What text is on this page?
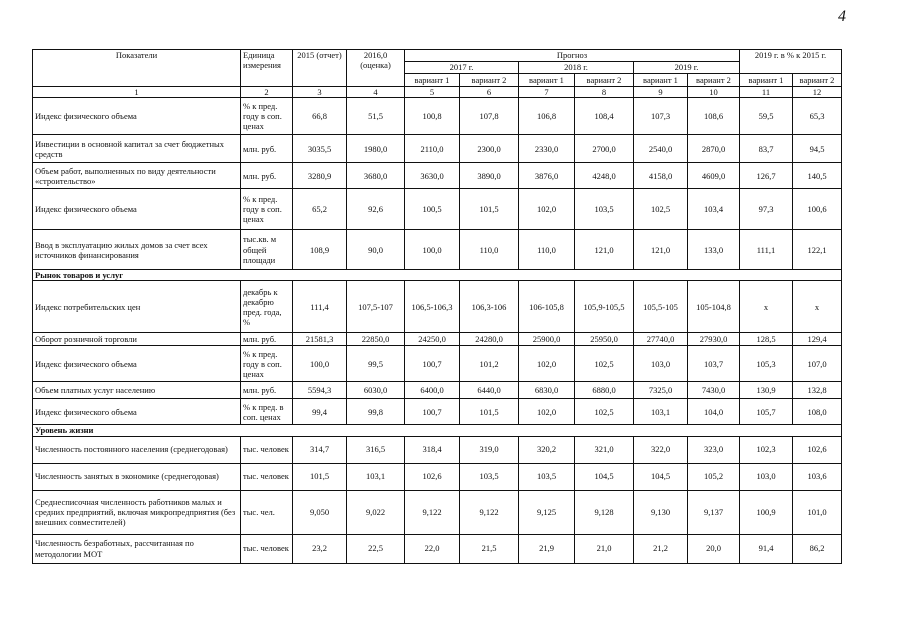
4
Показатели	Единица измерения	2015 (отчет)	2016,0 (оценка)	Прогноз						2019 г. в % к 2015 г.	
				2017 г.		2018 г.		2019 г.			
				вариант 1	вариант 2	вариант 1	вариант 2	вариант 1	вариант 2	вариант 1	вариант 2
1	2	3	4	5	6	7	8	9	10	11	12
Индекс физического объема	% к пред. году в соп. ценах	66,8	51,5	100,8	107,8	106,8	108,4	107,3	108,6	59,5	65,3
Инвестиции в основной капитал за счет бюджетных средств	млн. руб.	3035,5	1980,0	2110,0	2300,0	2330,0	2700,0	2540,0	2870,0	83,7	94,5
Объем работ, выполненных по виду деятельности «строительство»	млн. руб.	3280,9	3680,0	3630,0	3890,0	3876,0	4248,0	4158,0	4609,0	126,7	140,5
Индекс физического объема	% к пред. году в соп. ценах	65,2	92,6	100,5	101,5	102,0	103,5	102,5	103,4	97,3	100,6
Ввод в эксплуатацию жилых домов за счет всех источников финансирования	тыс.кв. м общей площади	108,9	90,0	100,0	110,0	110,0	121,0	121,0	133,0	111,1	122,1
Рынок товаров и услуг											
Индекс потребительских цен	декабрь к декабрю пред. года, %	111,4	107,5-107	106,5-106,3	106,3-106	106-105,8	105,9-105,5	105,5-105	105-104,8	х	х
Оборот розничной торговли	млн. руб.	21581,3	22850,0	24250,0	24280,0	25900,0	25950,0	27740,0	27930,0	128,5	129,4
Индекс физического объема	% к пред. году в соп. ценах	100,0	99,5	100,7	101,2	102,0	102,5	103,0	103,7	105,3	107,0
Объем платных услуг населению	млн. руб.	5594,3	6030,0	6400,0	6440,0	6830,0	6880,0	7325,0	7430,0	130,9	132,8
Индекс физического объема	% к пред. в соп. ценах	99,4	99,8	100,7	101,5	102,0	102,5	103,1	104,0	105,7	108,0
Уровень жизни											
Численность постоянного населения (среднегодовая)	тыс. человек	314,7	316,5	318,4	319,0	320,2	321,0	322,0	323,0	102,3	102,6
Численность занятых в экономике (среднегодовая)	тыс. человек	101,5	103,1	102,6	103,5	103,5	104,5	104,5	105,2	103,0	103,6
Среднесписочная численность работников малых и средних предприятий, включая микропредприятия (без внешних совместителей)	тыс. чел.	9,050	9,022	9,122	9,122	9,125	9,128	9,130	9,137	100,9	101,0
Численность безработных, рассчитанная по методологии МОТ	тыс. человек	23,2	22,5	22,0	21,5	21,9	21,0	21,2	20,0	91,4	86,2
